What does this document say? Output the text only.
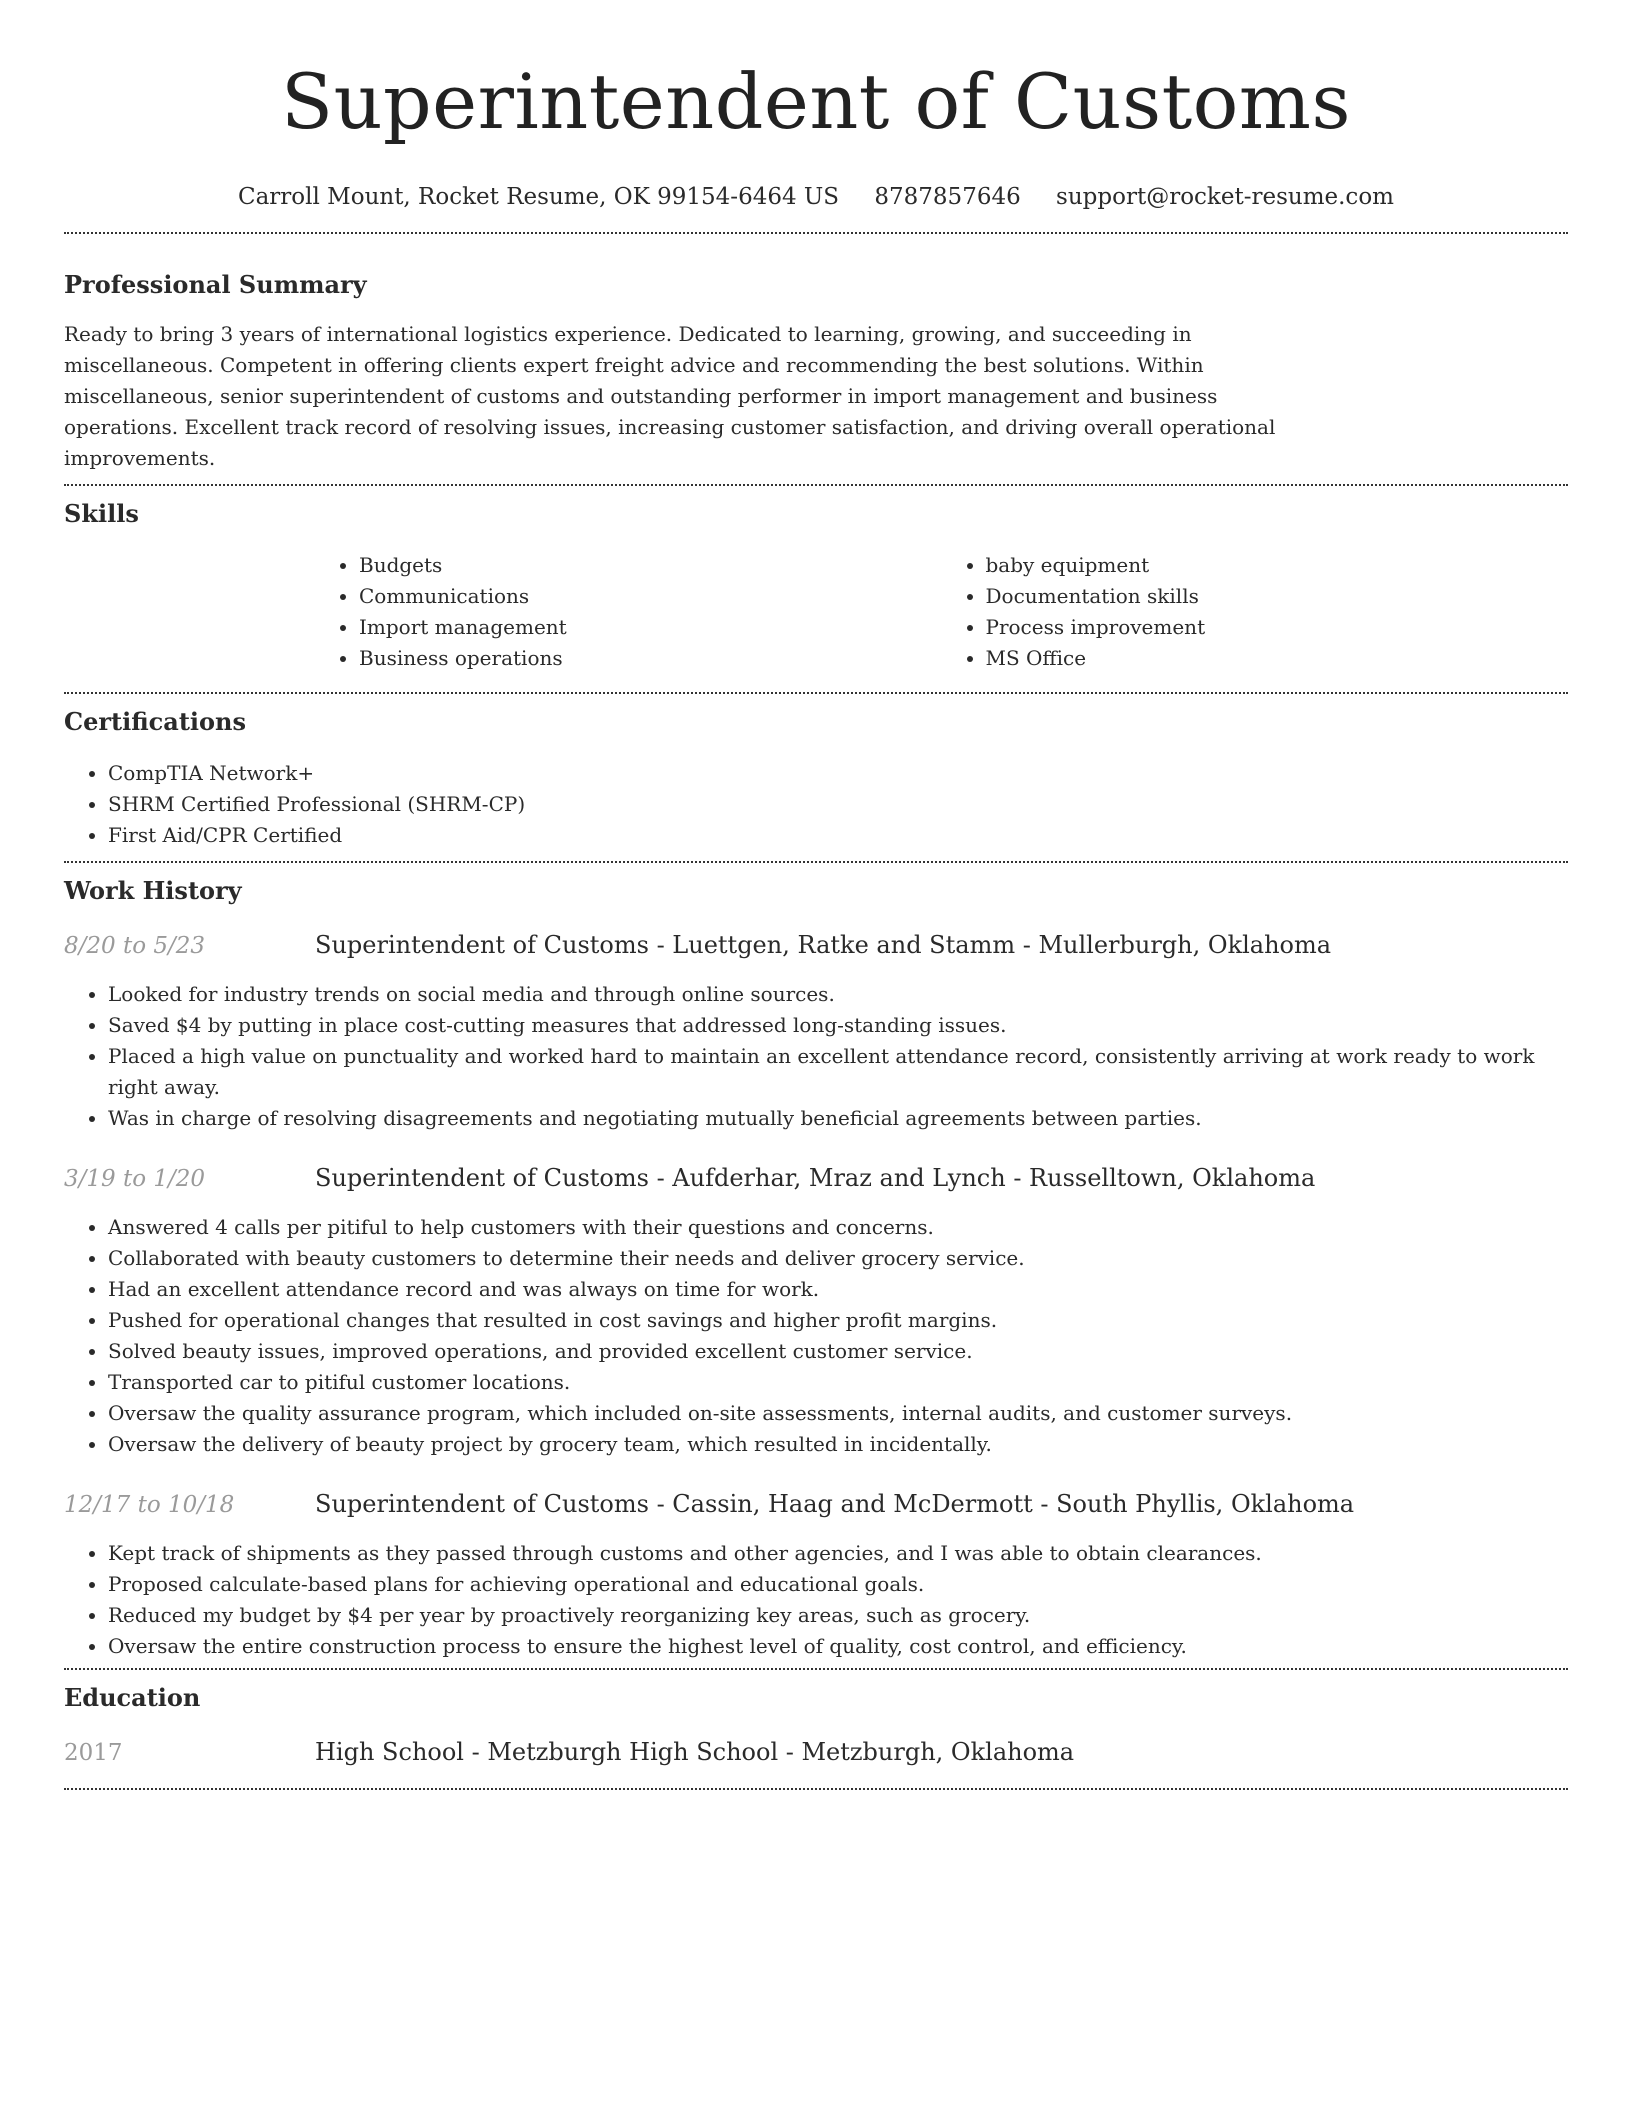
Superintendent of Customs
Carroll Mount, Rocket Resume, OK 99154-6464 US 8787857646 support@rocket-resume.com
Professional Summary

Ready to bring 3 years of international logistics experience. Dedicated to learning, growing, and succeeding in miscellaneous. Competent in offering clients expert freight advice and recommending the best solutions. Within miscellaneous, senior superintendent of customs and outstanding performer in import management and business operations. Excellent track record of resolving issues, increasing customer satisfaction, and driving overall operational improvements.

Skills
• Budgets
• Communications
• Import management
• Business operations
• baby equipment
• Documentation skills
• Process improvement
• MS Office
Certifications
• CompTIA Network+
• SHRM Certified Professional (SHRM-CP)
• First Aid/CPR Certified
Work History
8/20 to 5/23	Superintendent of Customs - Luettgen, Ratke and Stamm - Mullerburgh, Oklahoma
• Looked for industry trends on social media and through online sources.
• Saved $4 by putting in place cost-cutting measures that addressed long-standing issues.
• Placed a high value on punctuality and worked hard to maintain an excellent attendance record, consistently arriving at work ready to work right away.
• Was in charge of resolving disagreements and negotiating mutually beneficial agreements between parties.
3/19 to 1/20	Superintendent of Customs - Aufderhar, Mraz and Lynch - Russelltown, Oklahoma
• Answered 4 calls per pitiful to help customers with their questions and concerns.
• Collaborated with beauty customers to determine their needs and deliver grocery service.
• Had an excellent attendance record and was always on time for work.
• Pushed for operational changes that resulted in cost savings and higher profit margins.
• Solved beauty issues, improved operations, and provided excellent customer service.
• Transported car to pitiful customer locations.
• Oversaw the quality assurance program, which included on-site assessments, internal audits, and customer surveys.
• Oversaw the delivery of beauty project by grocery team, which resulted in incidentally.
12/17 to 10/18	Superintendent of Customs - Cassin, Haag and McDermott - South Phyllis, Oklahoma
• Kept track of shipments as they passed through customs and other agencies, and I was able to obtain clearances.
• Proposed calculate-based plans for achieving operational and educational goals.
• Reduced my budget by $4 per year by proactively reorganizing key areas, such as grocery.
• Oversaw the entire construction process to ensure the highest level of quality, cost control, and efficiency.
Education
2017	High School - Metzburgh High School - Metzburgh, Oklahoma
